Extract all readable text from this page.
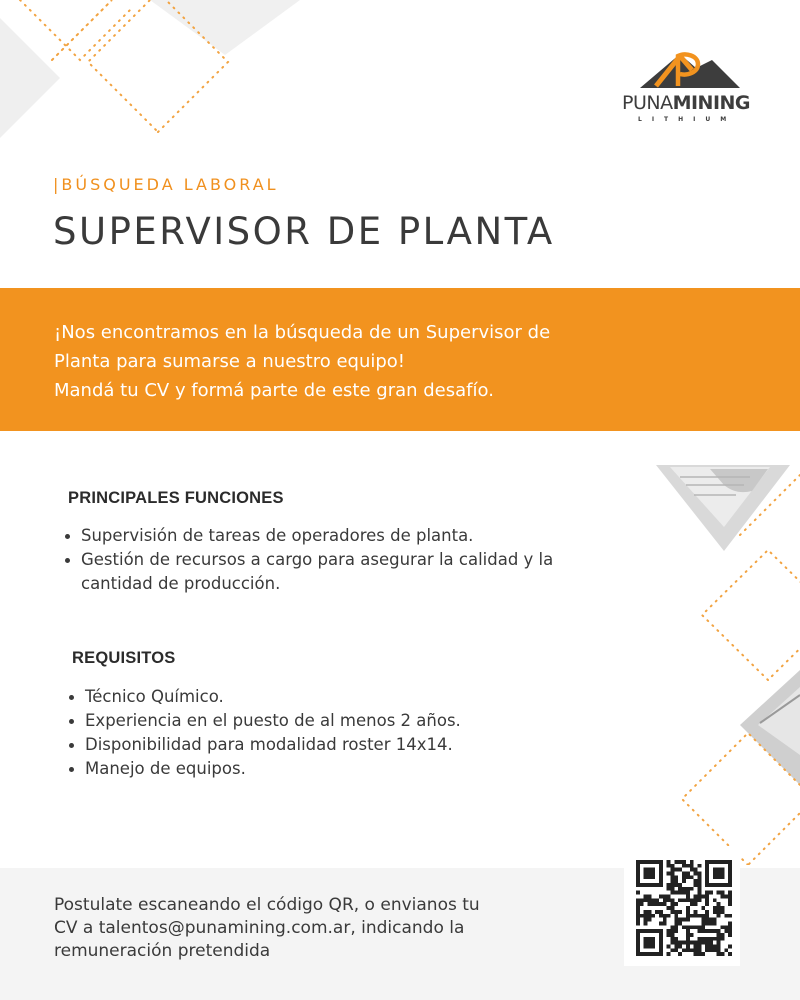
PUNAMINING
LITHIUM
|BÚSQUEDA LABORAL
SUPERVISOR DE PLANTA
¡Nos encontramos en la búsqueda de un Supervisor de
Planta para sumarse a nuestro equipo!
Mandá tu CV y formá parte de este gran desafío.
PRINCIPALES FUNCIONES
Supervisión de tareas de operadores de planta.
Gestión de recursos a cargo para asegurar la calidad y la cantidad de producción.
REQUISITOS
Técnico Químico.
Experiencia en el puesto de al menos 2 años.
Disponibilidad para modalidad roster 14x14.
Manejo de equipos.
Postulate escaneando el código QR, o envianos tu
CV a talentos@punamining.com.ar, indicando la
remuneración pretendida
